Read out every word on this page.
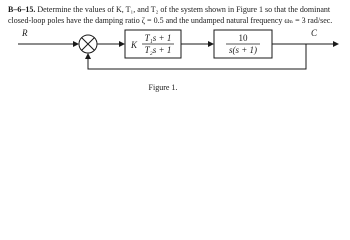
B–6–15. Determine the values of K, T₁, and T₂ of the system shown in Figure 1 so that the dominant closed-loop poles have the damping ratio ζ = 0.5 and the undamped natural frequency ωₙ = 3 rad/sec.
R
K
T₁s + 1
T₂s + 1
10
s(s + 1)
C
Figure 1.
